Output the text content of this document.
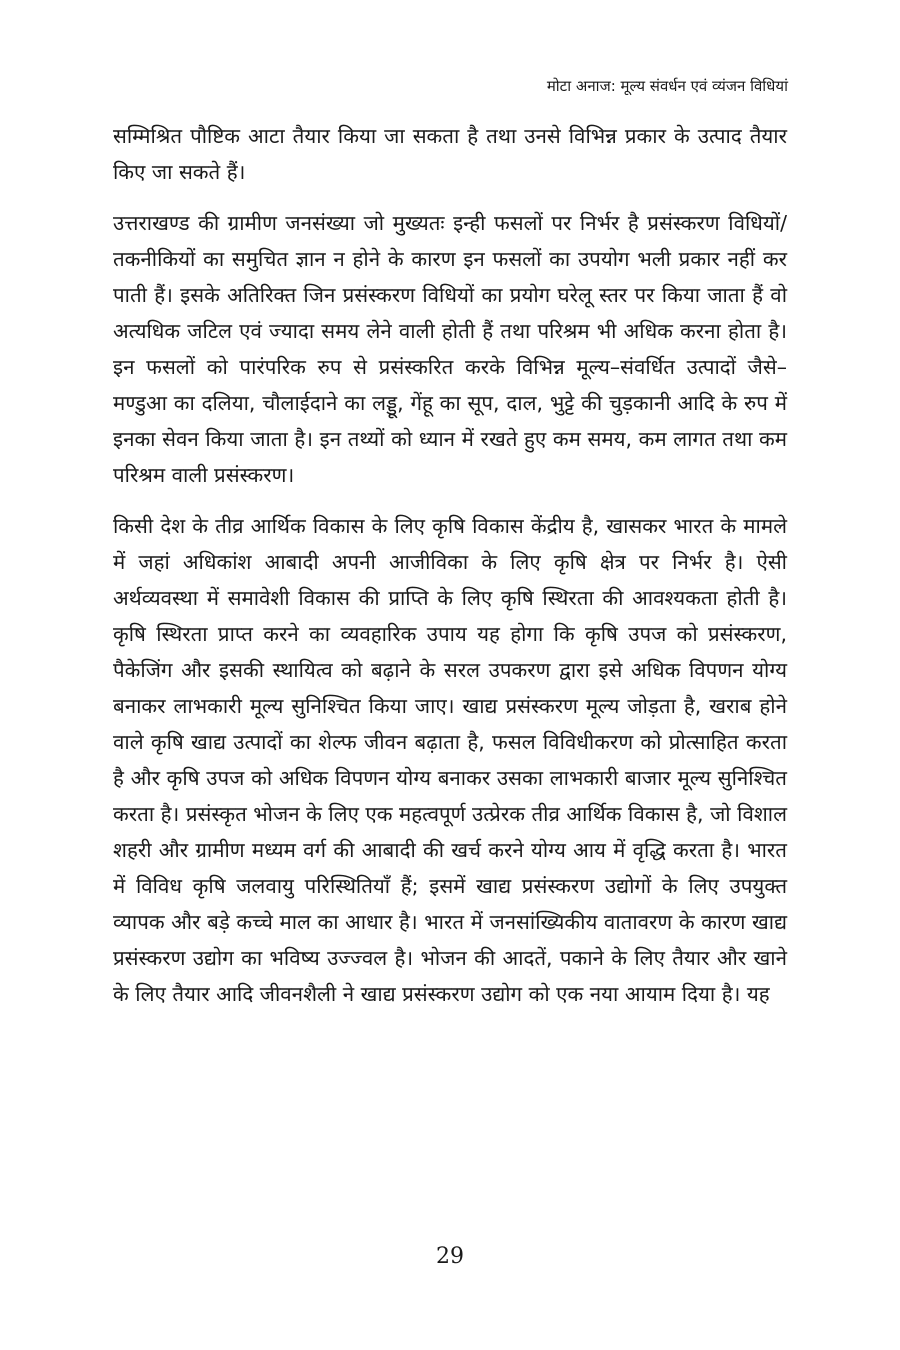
मोटा अनाज: मूल्य संवर्धन एवं व्यंजन विधियां

सम्मिश्रित पौष्टिक आटा तैयार किया जा सकता है तथा उनसे विभिन्न प्रकार के उत्पाद तैयार किए जा सकते हैं।

उत्तराखण्ड की ग्रामीण जनसंख्या जो मुख्यतः इन्ही फसलों पर निर्भर है प्रसंस्करण विधियों/ तकनीकियों का समुचित ज्ञान न होने के कारण इन फसलों का उपयोग भली प्रकार नहीं कर पाती हैं। इसके अतिरिक्त जिन प्रसंस्करण विधियों का प्रयोग घरेलू स्तर पर किया जाता हैं वो अत्यधिक जटिल एवं ज्यादा समय लेने वाली होती हैं तथा परिश्रम भी अधिक करना होता है। इन फसलों को पारंपरिक रुप से प्रसंस्करित करके विभिन्न मूल्य–संवर्धित उत्पादों जैसे– मण्डुआ का दलिया, चौलाईदाने का लड्डू, गेंहू का सूप, दाल, भुट्टे की चुड़कानी आदि के रुप में इनका सेवन किया जाता है। इन तथ्यों को ध्यान में रखते हुए कम समय, कम लागत तथा कम परिश्रम वाली प्रसंस्करण।

किसी देश के तीव्र आर्थिक विकास के लिए कृषि विकास केंद्रीय है, खासकर भारत के मामले में जहां अधिकांश आबादी अपनी आजीविका के लिए कृषि क्षेत्र पर निर्भर है। ऐसी अर्थव्यवस्था में समावेशी विकास की प्राप्ति के लिए कृषि स्थिरता की आवश्यकता होती है। कृषि स्थिरता प्राप्त करने का व्यवहारिक उपाय यह होगा कि कृषि उपज को प्रसंस्करण, पैकेजिंग और इसकी स्थायित्व को बढ़ाने के सरल उपकरण द्वारा इसे अधिक विपणन योग्य बनाकर लाभकारी मूल्य सुनिश्चित किया जाए। खाद्य प्रसंस्करण मूल्य जोड़ता है, खराब होने वाले कृषि खाद्य उत्पादों का शेल्फ जीवन बढ़ाता है, फसल विविधीकरण को प्रोत्साहित करता है और कृषि उपज को अधिक विपणन योग्य बनाकर उसका लाभकारी बाजार मूल्य सुनिश्चित करता है। प्रसंस्कृत भोजन के लिए एक महत्वपूर्ण उत्प्रेरक तीव्र आर्थिक विकास है, जो विशाल शहरी और ग्रामीण मध्यम वर्ग की आबादी की खर्च करने योग्य आय में वृद्धि करता है। भारत में विविध कृषि जलवायु परिस्थितियाँ हैं; इसमें खाद्य प्रसंस्करण उद्योगों के लिए उपयुक्त व्यापक और बड़े कच्चे माल का आधार है। भारत में जनसांख्यिकीय वातावरण के कारण खाद्य प्रसंस्करण उद्योग का भविष्य उज्ज्वल है। भोजन की आदतें, पकाने के लिए तैयार और खाने के लिए तैयार आदि जीवनशैली ने खाद्य प्रसंस्करण उद्योग को एक नया आयाम दिया है। यह

29
